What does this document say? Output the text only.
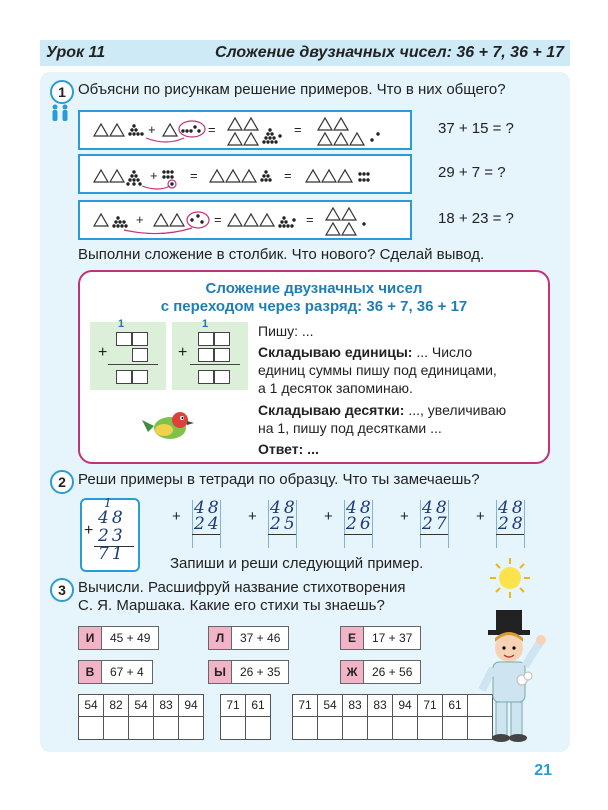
Урок 11	Сложение двузначных чисел: 36 + 7, 36 + 17
1 Объясни по рисункам решение примеров. Что в них общего?
+	=	=	37 + 15 = ?
+ =	=	29 + 7 = ?
+	=	=	18 + 23 = ?
Выполни сложение в столбик. Что нового? Сделай вывод.
Сложение двузначных чисел
с переходом через разряд: 36 + 7, 36 + 17
1
+
1
+
Пишу: ...
Складываю единицы: ... Число
единиц суммы пишу под единицами,
а 1 десяток запоминаю.
Складываю десятки: ..., увеличиваю
на 1, пишу под десятками ...
Ответ: ...
2 Реши примеры в тетради по образцу. Что ты замечаешь?
+
1
48
23
71
+ 48
24 + 48
25 + 48
26 + 48
27 + 48
28
Запиши и реши следующий пример.
3 Вычисли. Расшифруй название стихотворения
С. Я. Маршака. Какие его стихи ты знаешь?
И 45 + 49	Л 37 + 46	Е 17 + 37
В 67 + 4	Ы 26 + 35	Ж 26 + 56
54 82 54 83 94	71 61	71 54 83 83 94 71 61
21
